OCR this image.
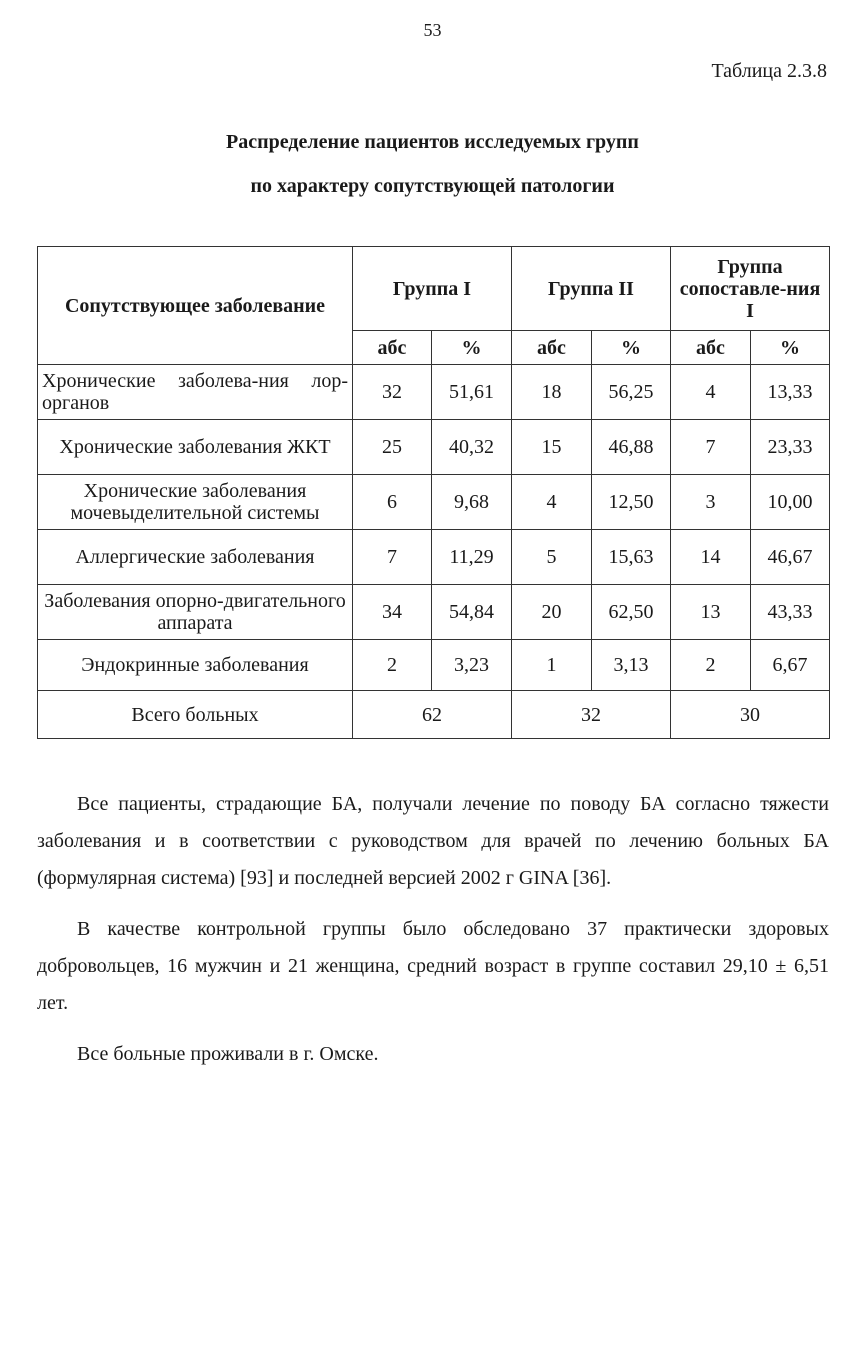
53
Таблица 2.3.8
Распределение пациентов исследуемых групп
по характеру сопутствующей патологии
Сопутствующее заболевание	Группа I		Группа II		Группа сопоставле-ния I	
	абс	%	абс	%	абс	%
Хронические заболева-ния лор-органов	32	51,61	18	56,25	4	13,33
Хронические заболевания ЖКТ	25	40,32	15	46,88	7	23,33
Хронические заболевания мочевыделительной системы	6	9,68	4	12,50	3	10,00
Аллергические заболевания	7	11,29	5	15,63	14	46,67
Заболевания опорно-двигательного аппарата	34	54,84	20	62,50	13	43,33
Эндокринные заболевания	2	3,23	1	3,13	2	6,67
Всего больных	62		32		30	

Все пациенты, страдающие БА, получали лечение по поводу БА согласно тяжести заболевания и в соответствии с руководством для врачей по лечению больных БА (формулярная система) [93] и последней версией 2002 г GINA [36].

В качестве контрольной группы было обследовано 37 практически здоровых добровольцев, 16 мужчин и 21 женщина, средний возраст в группе составил 29,10 ± 6,51 лет.

Все больные проживали в г. Омске.
